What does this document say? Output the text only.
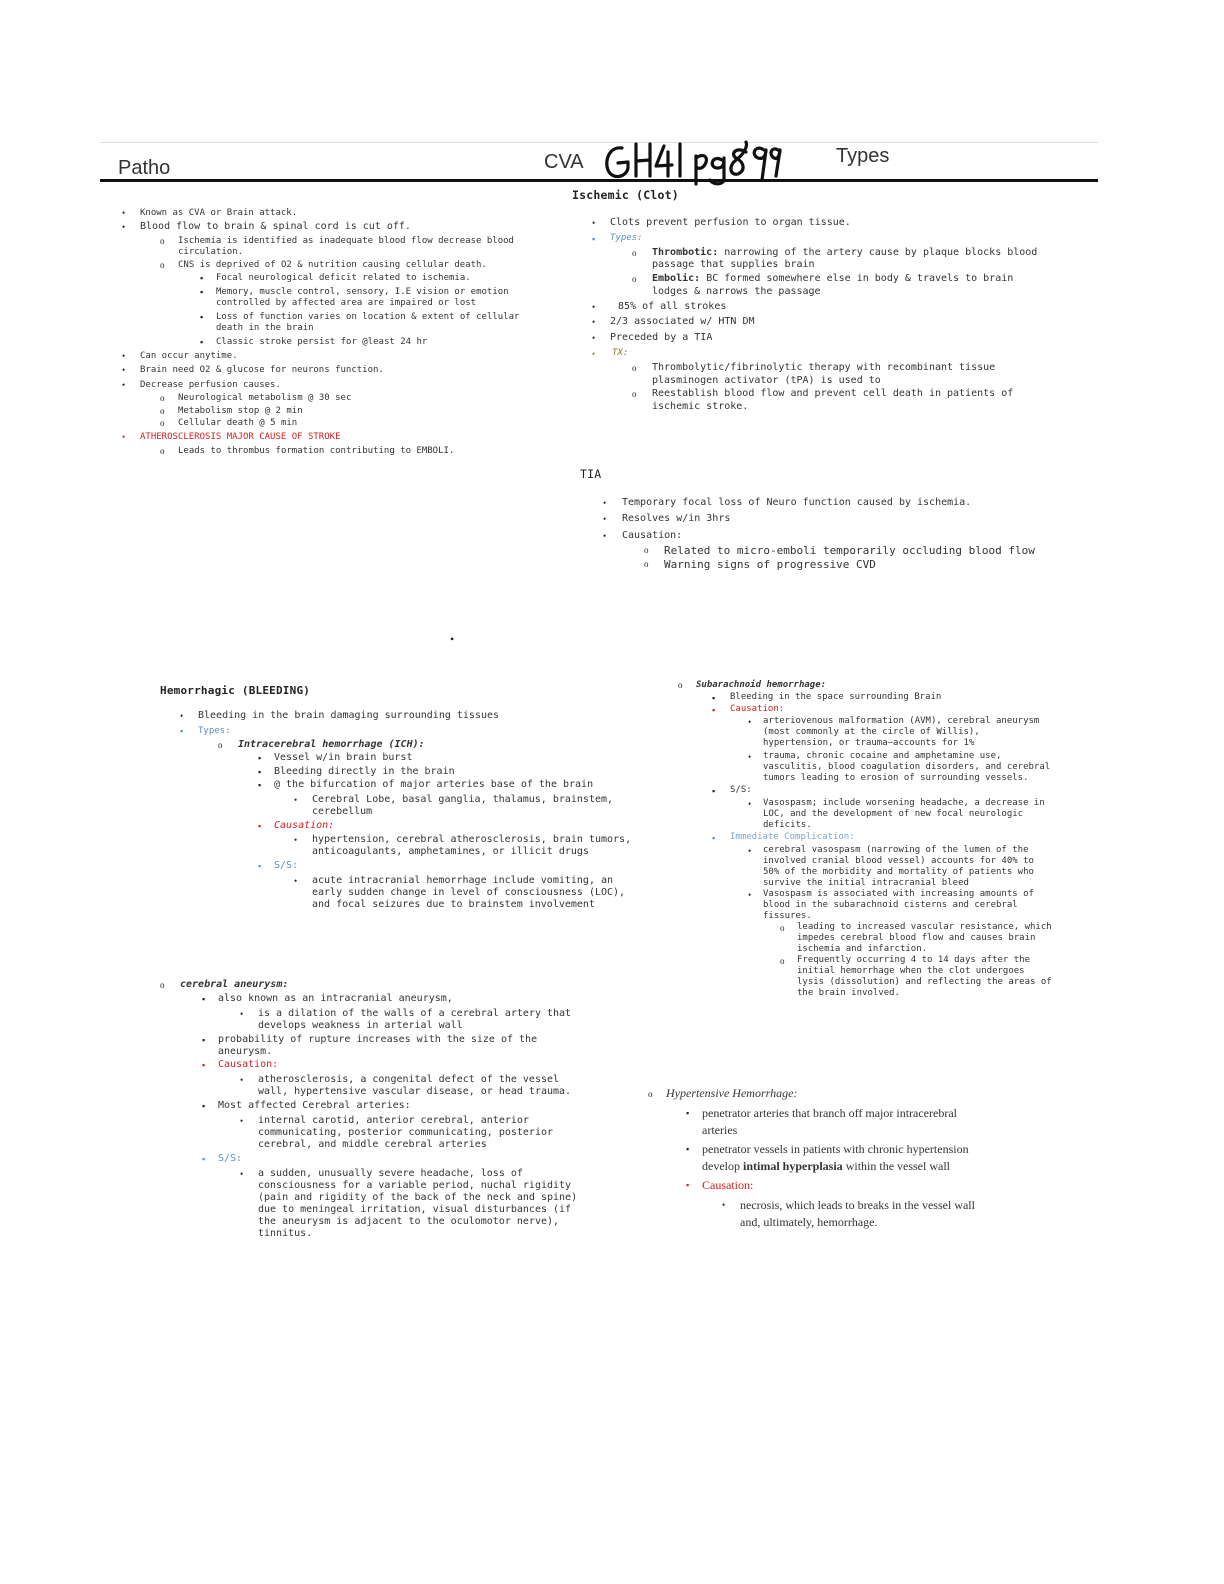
Patho	CVA	Types
Ischemic (Clot)
• Known as CVA or Brain attack.
• Blood flow to brain & spinal cord is cut off.
o Ischemia is identified as inadequate blood flow decrease blood
circulation.
o CNS is deprived of O2 & nutrition causing cellular death.
▪ Focal neurological deficit related to ischemia.
▪ Memory, muscle control, sensory, I.E vision or emotion
controlled by affected area are impaired or lost
▪ Loss of function varies on location & extent of cellular
death in the brain
▪ Classic stroke persist for @least 24 hr
• Can occur anytime.
• Brain need O2 & glucose for neurons function.
• Decrease perfusion causes.
o Neurological metabolism @ 30 sec
o Metabolism stop @ 2 min
o Cellular death @ 5 min
• ATHEROSCLEROSIS MAJOR CAUSE OF STROKE
o Leads to thrombus formation contributing to EMBOLI.
• Clots prevent perfusion to organ tissue.
▪ Types:
o Thrombotic: narrowing of the artery cause by plaque blocks blood
passage that supplies brain
o Embolic: BC formed somewhere else in body & travels to brain
lodges & narrows the passage
• 85% of all strokes
• 2/3 associated w/ HTN DM
• Preceded by a TIA
• TX:
o Thrombolytic/fibrinolytic therapy with recombinant tissue
plasminogen activator (tPA) is used to
o Reestablish blood flow and prevent cell death in patients of
ischemic stroke.
TIA
• Temporary focal loss of Neuro function caused by ischemia.
• Resolves w/in 3hrs
• Causation:
o Related to micro-emboli temporarily occluding blood flow
o Warning signs of progressive CVD
•
Hemorrhagic (BLEEDING)
• Bleeding in the brain damaging surrounding tissues
▪ Types:
o Intracerebral hemorrhage (ICH):
▪ Vessel w/in brain burst
▪ Bleeding directly in the brain
▪ @ the bifurcation of major arteries base of the brain
• Cerebral Lobe, basal ganglia, thalamus, brainstem,
cerebellum
▪ Causation:
• hypertension, cerebral atherosclerosis, brain tumors,
anticoagulants, amphetamines, or illicit drugs
▪ S/S:
• acute intracranial hemorrhage include vomiting, an
early sudden change in level of consciousness (LOC),
and focal seizures due to brainstem involvement
o cerebral aneurysm:
▪ also known as an intracranial aneurysm,
• is a dilation of the walls of a cerebral artery that
develops weakness in arterial wall
▪ probability of rupture increases with the size of the
aneurysm.
▪ Causation:
• atherosclerosis, a congenital defect of the vessel
wall, hypertensive vascular disease, or head trauma.
▪ Most affected Cerebral arteries:
• internal carotid, anterior cerebral, anterior
communicating, posterior communicating, posterior
cerebral, and middle cerebral arteries
▪ S/S:
• a sudden, unusually severe headache, loss of
consciousness for a variable period, nuchal rigidity
(pain and rigidity of the back of the neck and spine)
due to meningeal irritation, visual disturbances (if
the aneurysm is adjacent to the oculomotor nerve),
tinnitus.
o Subarachnoid hemorrhage:
▪ Bleeding in the space surrounding Brain
▪ Causation:
• arteriovenous malformation (AVM), cerebral aneurysm
(most commonly at the circle of Willis),
hypertension, or trauma—accounts for 1%
• trauma, chronic cocaine and amphetamine use,
vasculitis, blood coagulation disorders, and cerebral
tumors leading to erosion of surrounding vessels.
▪ S/S:
• Vasospasm; include worsening headache, a decrease in
LOC, and the development of new focal neurologic
deficits.
▪ Immediate Complication:
• cerebral vasospasm (narrowing of the lumen of the
involved cranial blood vessel) accounts for 40% to
50% of the morbidity and mortality of patients who
survive the initial intracranial bleed
• Vasospasm is associated with increasing amounts of
blood in the subarachnoid cisterns and cerebral
fissures.
o leading to increased vascular resistance, which
impedes cerebral blood flow and causes brain
ischemia and infarction.
o Frequently occurring 4 to 14 days after the
initial hemorrhage when the clot undergoes
lysis (dissolution) and reflecting the areas of
the brain involved.
o Hypertensive Hemorrhage:
▪ penetrator arteries that branch off major intracerebral
arteries
▪ penetrator vessels in patients with chronic hypertension
develop intimal hyperplasia within the vessel wall
▪ Causation:
• necrosis, which leads to breaks in the vessel wall
and, ultimately, hemorrhage.
